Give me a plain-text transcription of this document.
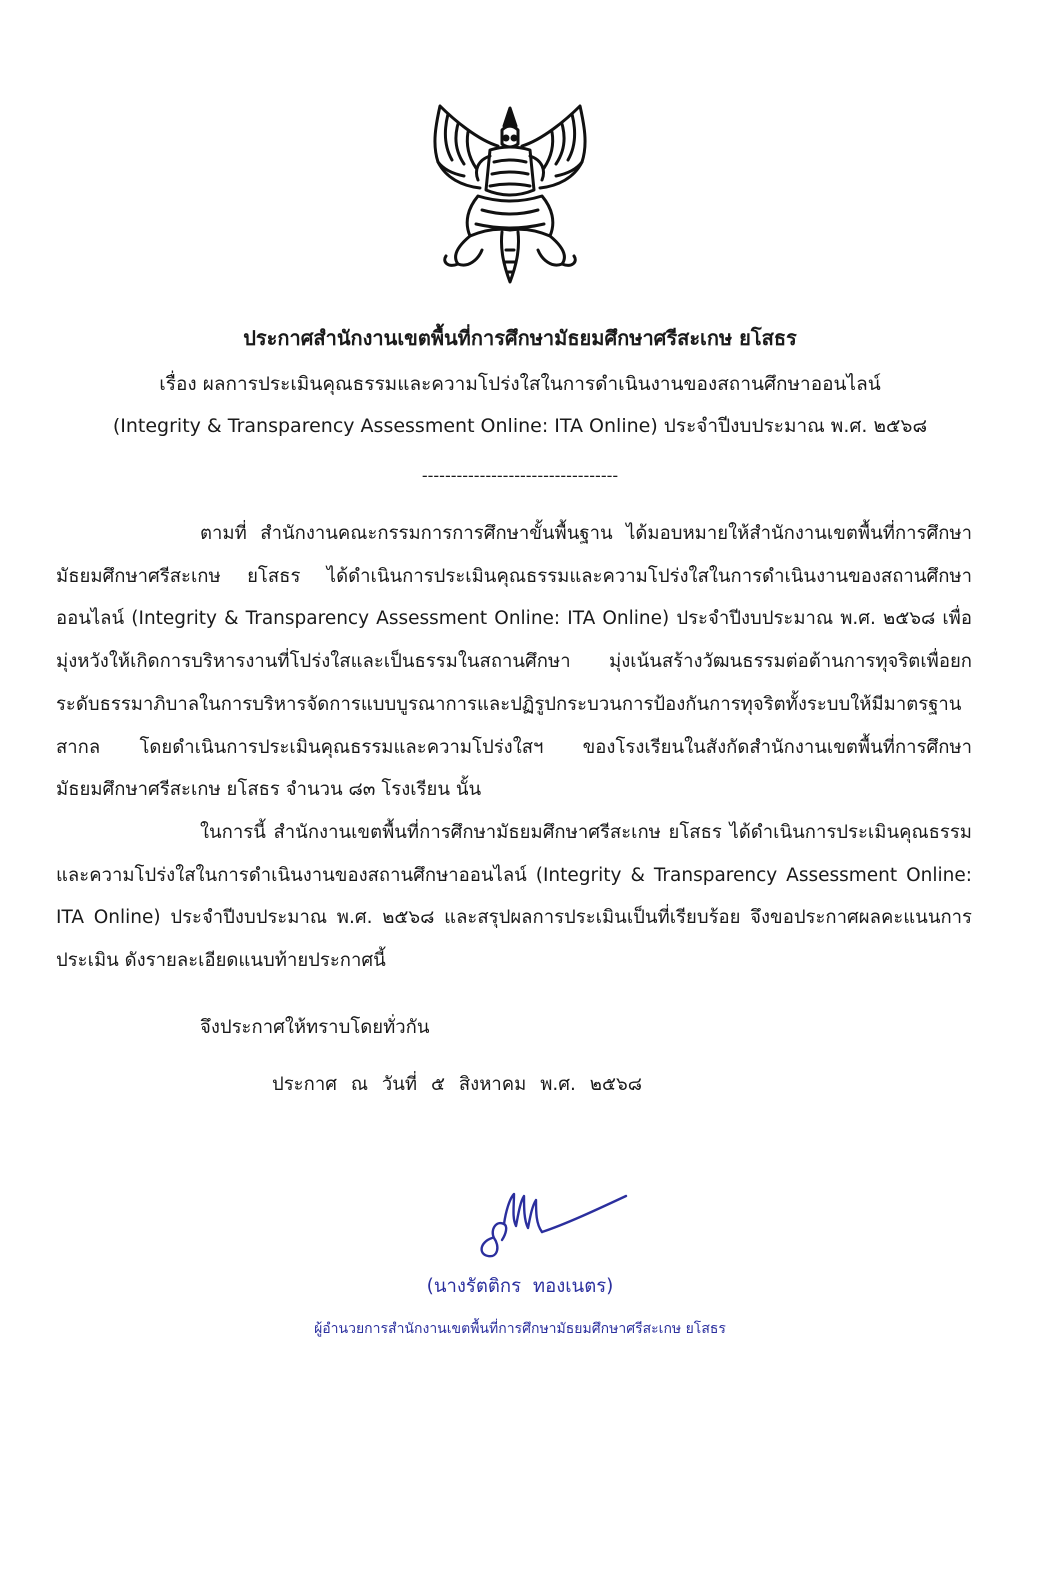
ประกาศสำนักงานเขตพื้นที่การศึกษามัธยมศึกษาศรีสะเกษ ยโสธร
เรื่อง ผลการประเมินคุณธรรมและความโปร่งใสในการดำเนินงานของสถานศึกษาออนไลน์
(Integrity & Transparency Assessment Online: ITA Online) ประจำปีงบประมาณ พ.ศ. ๒๕๖๘
----------------------------------
ตามที่ สำนักงานคณะกรรมการการศึกษาขั้นพื้นฐาน ได้มอบหมายให้สำนักงานเขตพื้นที่การศึกษามัธยมศึกษาศรีสะเกษ ยโสธร ได้ดำเนินการประเมินคุณธรรมและความโปร่งใสในการดำเนินงานของสถานศึกษาออนไลน์ (Integrity & Transparency Assessment Online: ITA Online) ประจำปีงบประมาณ พ.ศ. ๒๕๖๘ เพื่อมุ่งหวังให้เกิดการบริหารงานที่โปร่งใสและเป็นธรรมในสถานศึกษา มุ่งเน้นสร้างวัฒนธรรมต่อต้านการทุจริตเพื่อยกระดับธรรมาภิบาลในการบริหารจัดการแบบบูรณาการและปฏิรูปกระบวนการป้องกันการทุจริตทั้งระบบให้มีมาตรฐานสากล โดยดำเนินการประเมินคุณธรรมและความโปร่งใสฯ ของโรงเรียนในสังกัดสำนักงานเขตพื้นที่การศึกษามัธยมศึกษาศรีสะเกษ ยโสธร จำนวน ๘๓ โรงเรียน นั้น
ในการนี้ สำนักงานเขตพื้นที่การศึกษามัธยมศึกษาศรีสะเกษ ยโสธร ได้ดำเนินการประเมินคุณธรรมและความโปร่งใสในการดำเนินงานของสถานศึกษาออนไลน์ (Integrity & Transparency Assessment Online: ITA Online) ประจำปีงบประมาณ พ.ศ. ๒๕๖๘ และสรุปผลการประเมินเป็นที่เรียบร้อย จึงขอประกาศผลคะแนนการประเมิน ดังรายละเอียดแนบท้ายประกาศนี้
จึงประกาศให้ทราบโดยทั่วกัน
ประกาศ ณ วันที่ ๕ สิงหาคม พ.ศ. ๒๕๖๘
(นางรัตติกร ทองเนตร)
ผู้อำนวยการสำนักงานเขตพื้นที่การศึกษามัธยมศึกษาศรีสะเกษ ยโสธร
